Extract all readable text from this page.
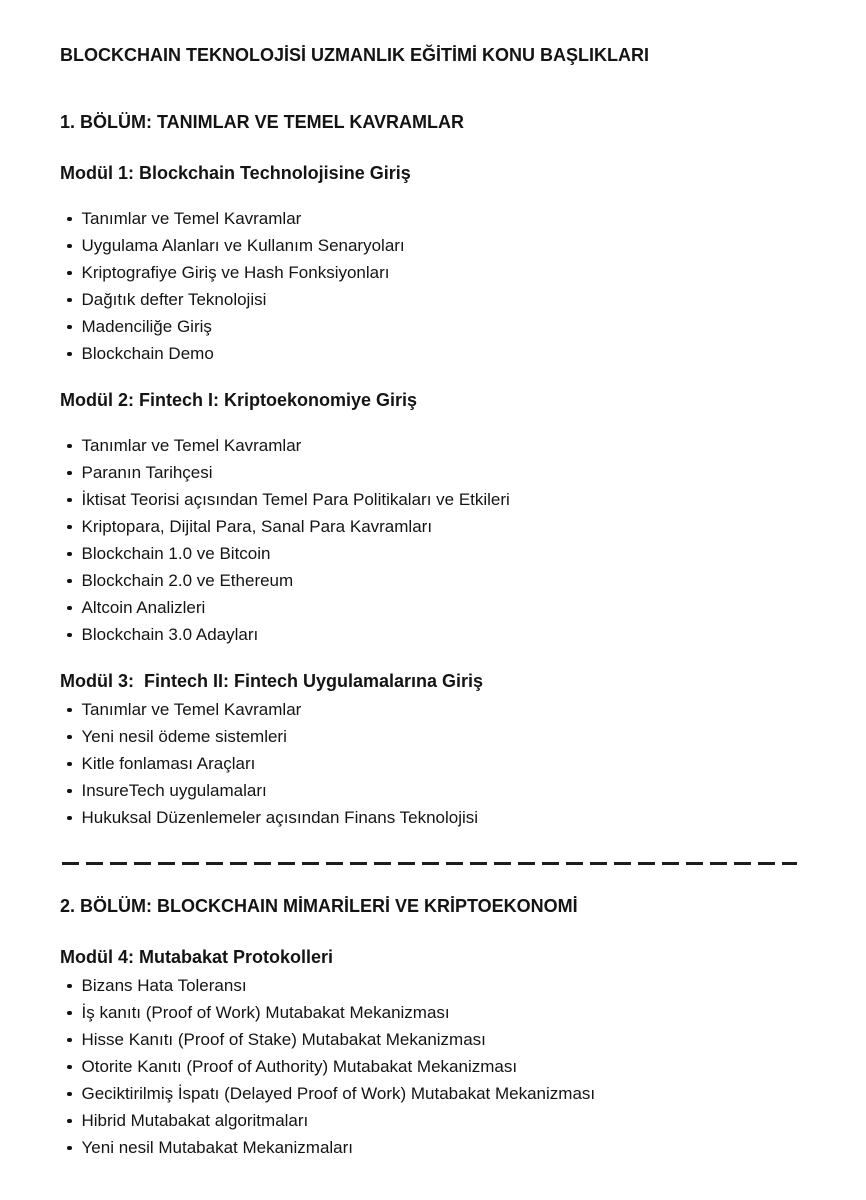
BLOCKCHAIN TEKNOLOJİSİ UZMANLIK EĞİTİMİ KONU BAŞLIKLARI
1. BÖLÜM: TANIMLAR VE TEMEL KAVRAMLAR
Modül 1: Blockchain Technolojisine Giriş
Tanımlar ve Temel Kavramlar
Uygulama Alanları ve Kullanım Senaryoları
Kriptografiye Giriş ve Hash Fonksiyonları
Dağıtık defter Teknolojisi
Madenciliğe Giriş
Blockchain Demo
Modül 2: Fintech I: Kriptoekonomiye Giriş
Tanımlar ve Temel Kavramlar
Paranın Tarihçesi
İktisat Teorisi açısından Temel Para Politikaları ve Etkileri
Kriptopara, Dijital Para, Sanal Para Kavramları
Blockchain 1.0 ve Bitcoin
Blockchain 2.0 ve Ethereum
Altcoin Analizleri
Blockchain 3.0 Adayları
Modül 3:  Fintech II: Fintech Uygulamalarına Giriş
Tanımlar ve Temel Kavramlar
Yeni nesil ödeme sistemleri
Kitle fonlaması Araçları
InsureTech uygulamaları
Hukuksal Düzenlemeler açısından Finans Teknolojisi
2. BÖLÜM: BLOCKCHAIN MİMARİLERİ VE KRİPTOEKONOMİ
Modül 4: Mutabakat Protokolleri
Bizans Hata Toleransı
İş kanıtı (Proof of Work) Mutabakat Mekanizması
Hisse Kanıtı (Proof of Stake) Mutabakat Mekanizması
Otorite Kanıtı (Proof of Authority) Mutabakat Mekanizması
Geciktirilmiş İspatı (Delayed Proof of Work) Mutabakat Mekanizması
Hibrid Mutabakat algoritmaları
Yeni nesil Mutabakat Mekanizmaları
